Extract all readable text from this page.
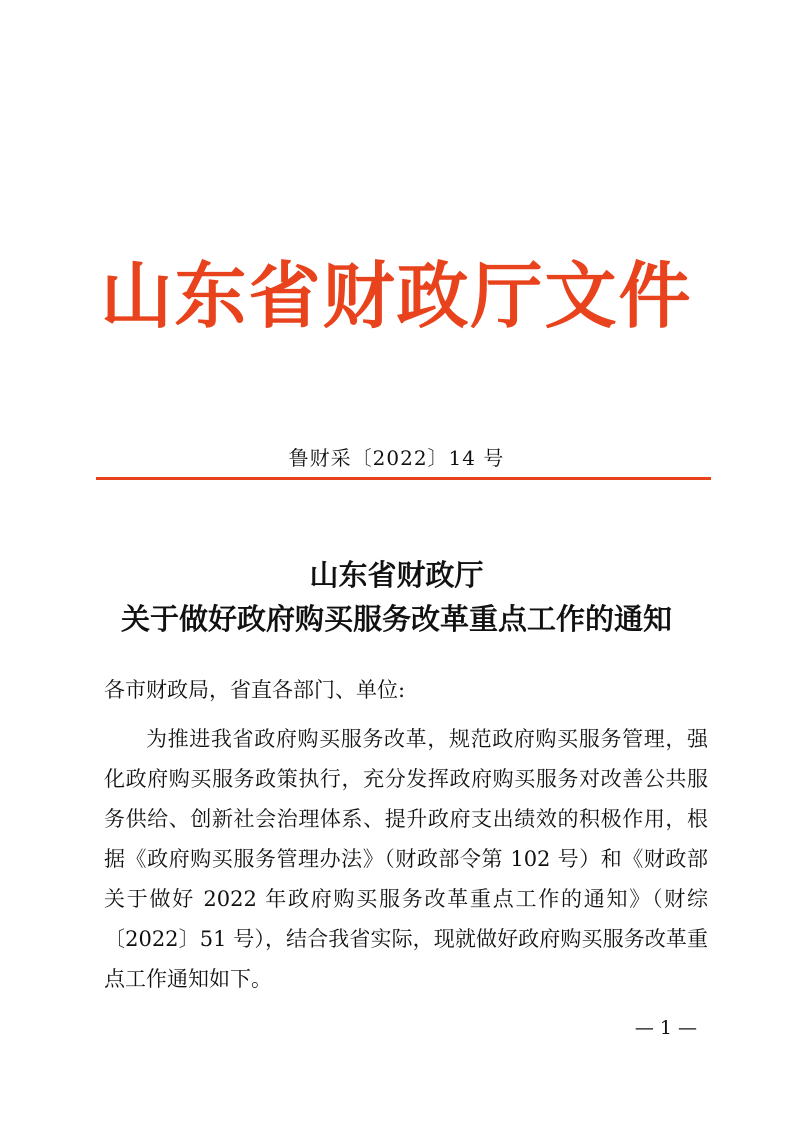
山东省财政厅文件
鲁财采〔2022〕14 号
山东省财政厅
关于做好政府购买服务改革重点工作的通知
各市财政局，省直各部门、单位:
为推进我省政府购买服务改革，规范政府购买服务管理，强
化政府购买服务政策执行，充分发挥政府购买服务对改善公共服
务供给、创新社会治理体系、提升政府支出绩效的积极作用，根
据《政府购买服务管理办法》（财政部令第 102 号）和《财政部
关于做好 2022 年政府购买服务改革重点工作的通知》（财综
〔2022〕51 号），结合我省实际，现就做好政府购买服务改革重
点工作通知如下。
— 1 —
